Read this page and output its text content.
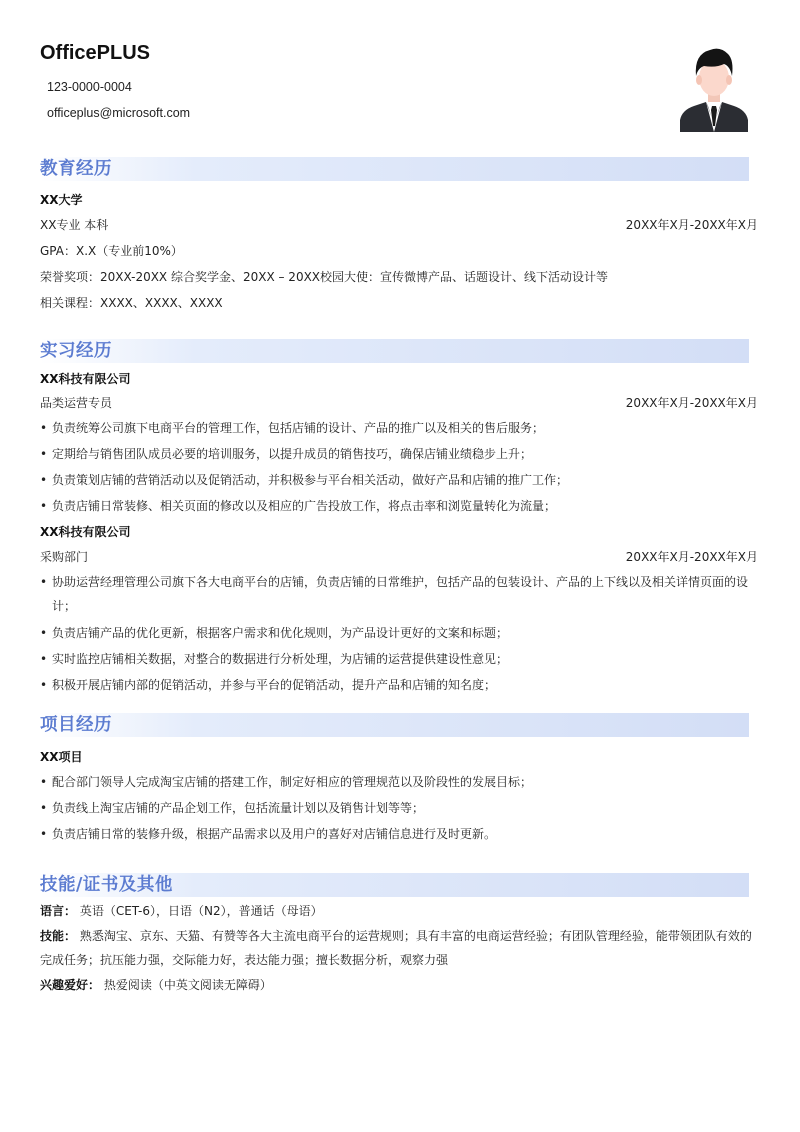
OfficePLUS
123-0000-0004
officeplus@microsoft.com
教育经历
XX大学
XX专业 本科	20XX年X月-20XX年X月
GPA：X.X（专业前10%）
荣誉奖项：20XX-20XX 综合奖学金、20XX – 20XX校园大使：宣传微博产品、话题设计、线下活动设计等
相关课程：XXXX、XXXX、XXXX
实习经历
XX科技有限公司
品类运营专员	20XX年X月-20XX年X月
• 负责统筹公司旗下电商平台的管理工作，包括店铺的设计、产品的推广以及相关的售后服务；
• 定期给与销售团队成员必要的培训服务，以提升成员的销售技巧，确保店铺业绩稳步上升；
• 负责策划店铺的营销活动以及促销活动，并积极参与平台相关活动，做好产品和店铺的推广工作；
• 负责店铺日常装修、相关页面的修改以及相应的广告投放工作，将点击率和浏览量转化为流量；
XX科技有限公司
采购部门	20XX年X月-20XX年X月
• 协助运营经理管理公司旗下各大电商平台的店铺，负责店铺的日常维护，包括产品的包装设计、产品的上下线以及相关详情页面的设计；
• 负责店铺产品的优化更新，根据客户需求和优化规则，为产品设计更好的文案和标题；
• 实时监控店铺相关数据，对整合的数据进行分析处理，为店铺的运营提供建设性意见；
• 积极开展店铺内部的促销活动，并参与平台的促销活动，提升产品和店铺的知名度；
项目经历
XX项目
• 配合部门领导人完成淘宝店铺的搭建工作，制定好相应的管理规范以及阶段性的发展目标；
• 负责线上淘宝店铺的产品企划工作，包括流量计划以及销售计划等等；
• 负责店铺日常的装修升级，根据产品需求以及用户的喜好对店铺信息进行及时更新。
技能/证书及其他
语言： 英语（CET-6），日语（N2），普通话（母语）
技能： 熟悉淘宝、京东、天猫、有赞等各大主流电商平台的运营规则；具有丰富的电商运营经验；有团队管理经验，能带领团队有效的完成任务；抗压能力强，交际能力好，表达能力强；擅长数据分析，观察力强
兴趣爱好： 热爱阅读（中英文阅读无障碍）
